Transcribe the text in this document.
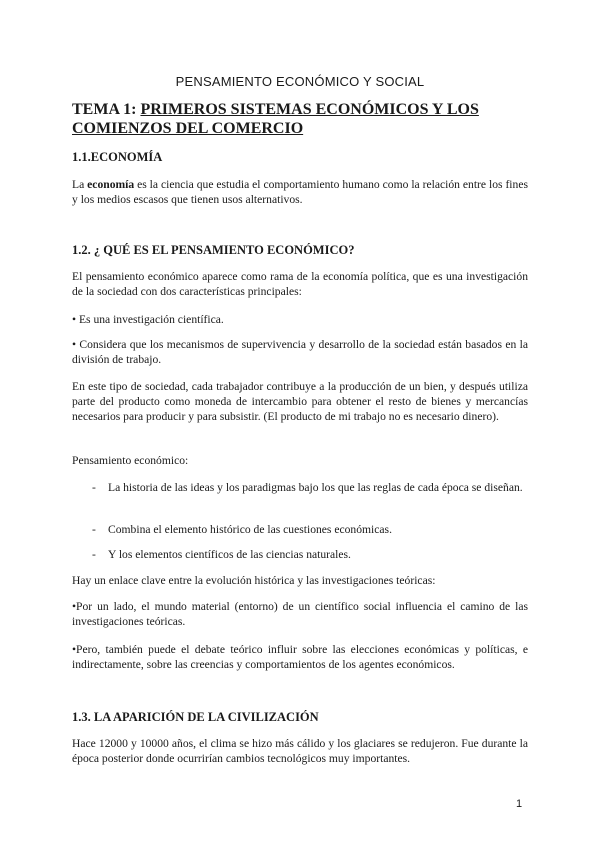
PENSAMIENTO ECONÓMICO Y SOCIAL
TEMA 1: PRIMEROS SISTEMAS ECONÓMICOS Y LOS COMIENZOS DEL COMERCIO
1.1.ECONOMÍA
La economía es la ciencia que estudia el comportamiento humano como la relación entre los fines y los medios escasos que tienen usos alternativos.
1.2. ¿ QUÉ ES EL PENSAMIENTO ECONÓMICO?
El pensamiento económico aparece como rama de la economía política, que es una investigación de la sociedad con dos características principales:
• Es una investigación científica.
• Considera que los mecanismos de supervivencia y desarrollo de la sociedad están basados en la división de trabajo.
En este tipo de sociedad, cada trabajador contribuye a la producción de un bien, y después utiliza parte del producto como moneda de intercambio para obtener el resto de bienes y mercancías necesarios para producir y para subsistir. (El producto de mi trabajo no es necesario dinero).
Pensamiento económico:
- La historia de las ideas y los paradigmas bajo los que las reglas de cada época se diseñan.
- Combina el elemento histórico de las cuestiones económicas.
- Y los elementos científicos de las ciencias naturales.
Hay un enlace clave entre la evolución histórica y las investigaciones teóricas:
•Por un lado, el mundo material (entorno) de un científico social influencia el camino de las investigaciones teóricas.
•Pero, también puede el debate teórico influir sobre las elecciones económicas y políticas, e indirectamente, sobre las creencias y comportamientos de los agentes económicos.
1.3. LA APARICIÓN DE LA CIVILIZACIÓN
Hace 12000 y 10000 años, el clima se hizo más cálido y los glaciares se redujeron. Fue durante la época posterior donde ocurrirían cambios tecnológicos muy importantes.
1
